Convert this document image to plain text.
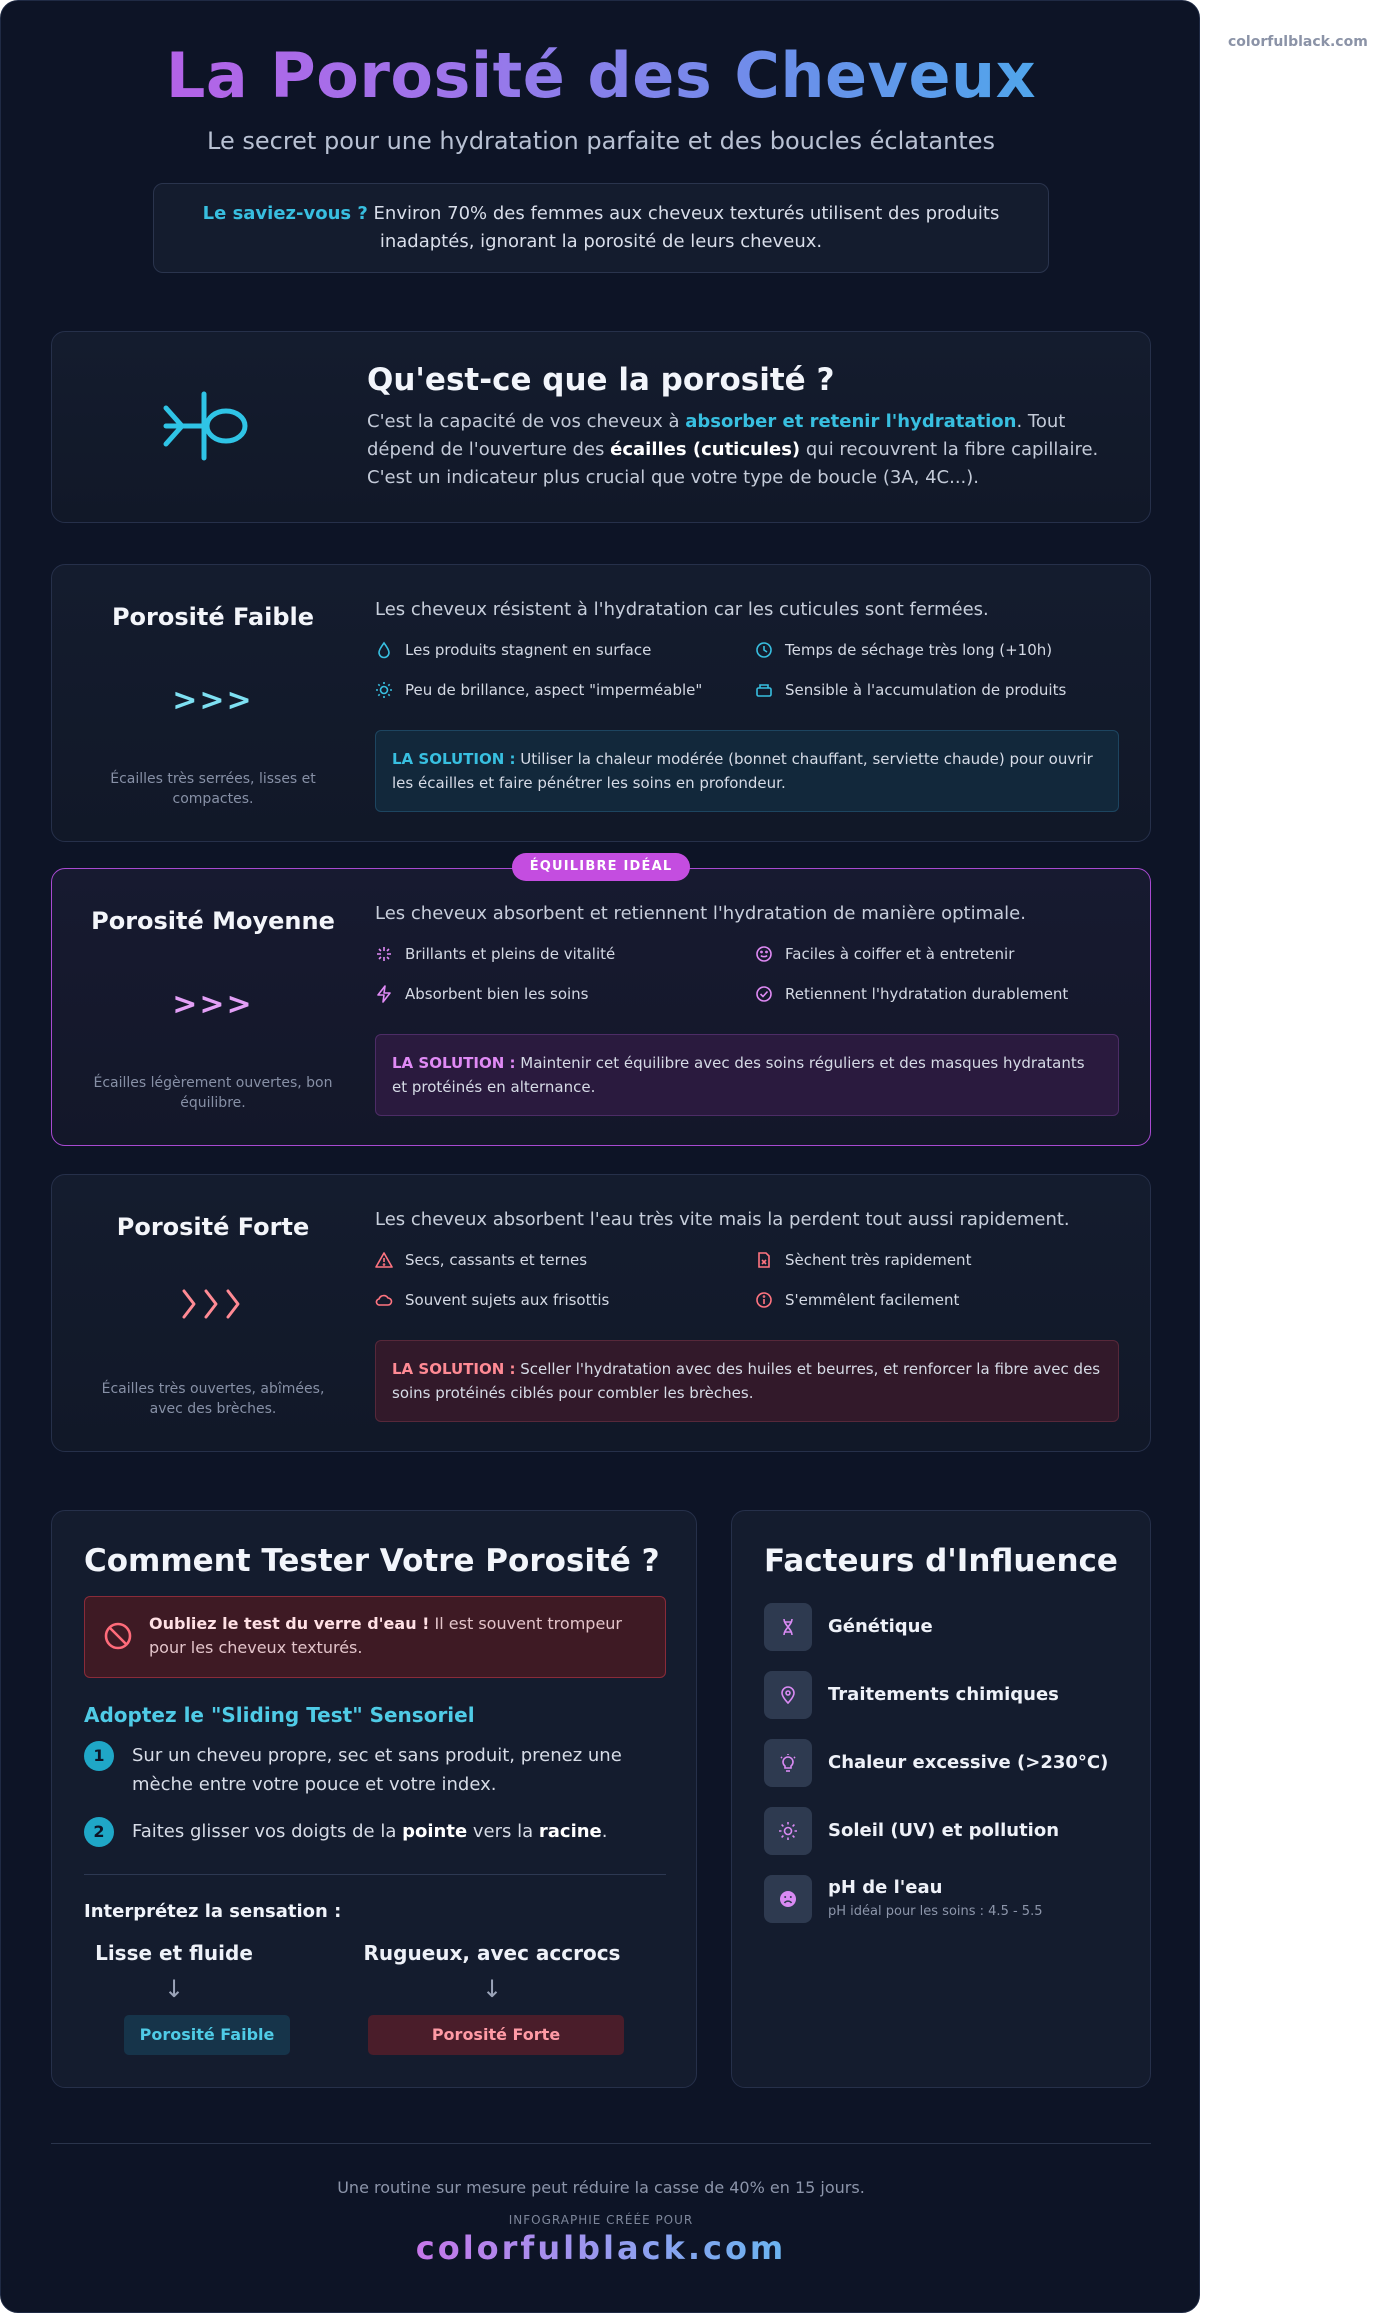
La Porosité des Cheveux
Le secret pour une hydratation parfaite et des boucles éclatantes
Le saviez-vous ? Environ 70% des femmes aux cheveux texturés utilisent des produits inadaptés, ignorant la porosité de leurs cheveux.
Qu'est-ce que la porosité ?
C'est la capacité de vos cheveux à absorber et retenir l'hydratation. Tout dépend de l'ouverture des écailles (cuticules) qui recouvrent la fibre capillaire. C'est un indicateur plus crucial que votre type de boucle (3A, 4C...).
Porosité Faible
>>>
Écailles très serrées, lisses et compactes.
Les cheveux résistent à l'hydratation car les cuticules sont fermées.
Les produits stagnent en surface	Temps de séchage très long (+10h)
Peu de brillance, aspect "imperméable"	Sensible à l'accumulation de produits
LA SOLUTION : Utiliser la chaleur modérée (bonnet chauffant, serviette chaude) pour ouvrir les écailles et faire pénétrer les soins en profondeur.
Porosité Moyenne
>>>
Écailles légèrement ouvertes, bon équilibre.
Les cheveux absorbent et retiennent l'hydratation de manière optimale.
Brillants et pleins de vitalité	Faciles à coiffer et à entretenir
Absorbent bien les soins	Retiennent l'hydratation durablement
LA SOLUTION : Maintenir cet équilibre avec des soins réguliers et des masques hydratants et protéinés en alternance.
ÉQUILIBRE IDÉAL
Porosité Forte
Écailles très ouvertes, abîmées, avec des brèches.
Les cheveux absorbent l'eau très vite mais la perdent tout aussi rapidement.
Secs, cassants et ternes	Sèchent très rapidement
Souvent sujets aux frisottis	S'emmêlent facilement
LA SOLUTION : Sceller l'hydratation avec des huiles et beurres, et renforcer la fibre avec des soins protéinés ciblés pour combler les brèches.
Comment Tester Votre Porosité ?
Oubliez le test du verre d'eau ! Il est souvent trompeur pour les cheveux texturés.
Adoptez le "Sliding Test" Sensoriel
1	Sur un cheveu propre, sec et sans produit, prenez une mèche entre votre pouce et votre index.
2	Faites glisser vos doigts de la pointe vers la racine.
Interprétez la sensation :
Lisse et fluide
↓
Porosité Faible
Rugueux, avec accrocs
↓
Porosité Forte
Facteurs d'Influence
Génétique
Traitements chimiques
Chaleur excessive (>230°C)
Soleil (UV) et pollution
pH de l'eau
pH idéal pour les soins : 4.5 - 5.5
Une routine sur mesure peut réduire la casse de 40% en 15 jours.
INFOGRAPHIE CRÉÉE POUR
colorfulblack.com
colorfulblack.com
